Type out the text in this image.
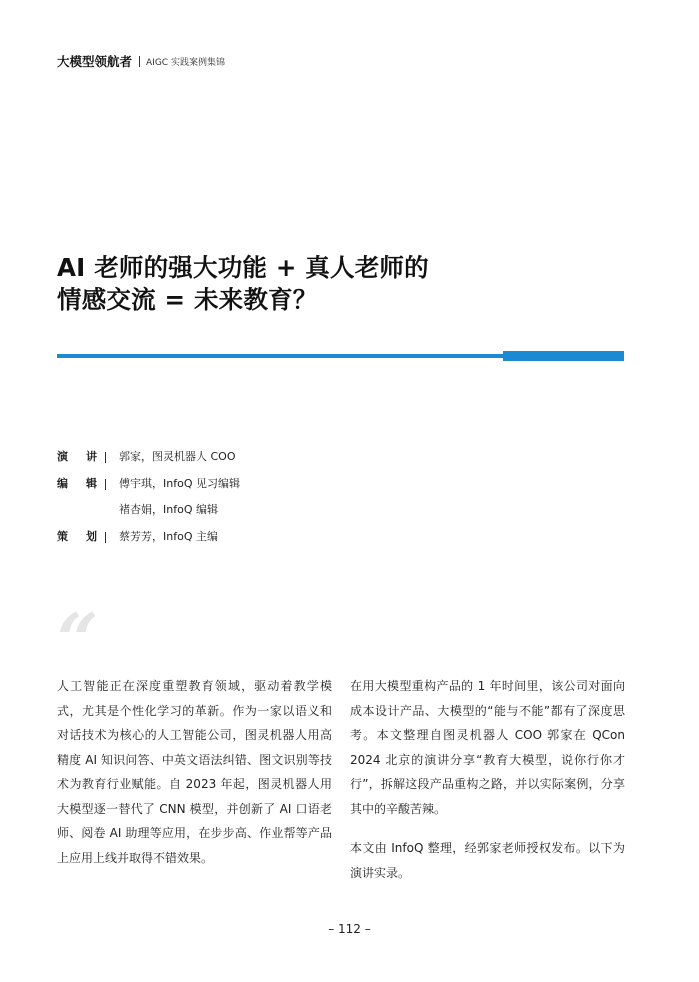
大模型领航者 AIGC 实践案例集锦
AI 老师的强大功能 + 真人老师的
情感交流 = 未来教育？
演 讲 郭家，图灵机器人 COO
编 辑 傅宇琪，InfoQ 见习编辑
褚杏娟，InfoQ 编辑
策 划 蔡芳芳，InfoQ 主编
“

人工智能正在深度重塑教育领域，驱动着教学模式，尤其是个性化学习的革新。作为一家以语义和对话技术为核心的人工智能公司，图灵机器人用高精度 AI 知识问答、中英文语法纠错、图文识别等技术为教育行业赋能。自 2023 年起，图灵机器人用大模型逐一替代了 CNN 模型，并创新了 AI 口语老师、阅卷 AI 助理等应用，在步步高、作业帮等产品上应用上线并取得不错效果。

在用大模型重构产品的 1 年时间里，该公司对面向成本设计产品、大模型的“能与不能”都有了深度思考。本文整理自图灵机器人 COO 郭家在 QCon 2024 北京的演讲分享“教育大模型，说你行你才行”，拆解这段产品重构之路，并以实际案例，分享其中的辛酸苦辣。

本文由 InfoQ 整理，经郭家老师授权发布。以下为演讲实录。

– 112 –
